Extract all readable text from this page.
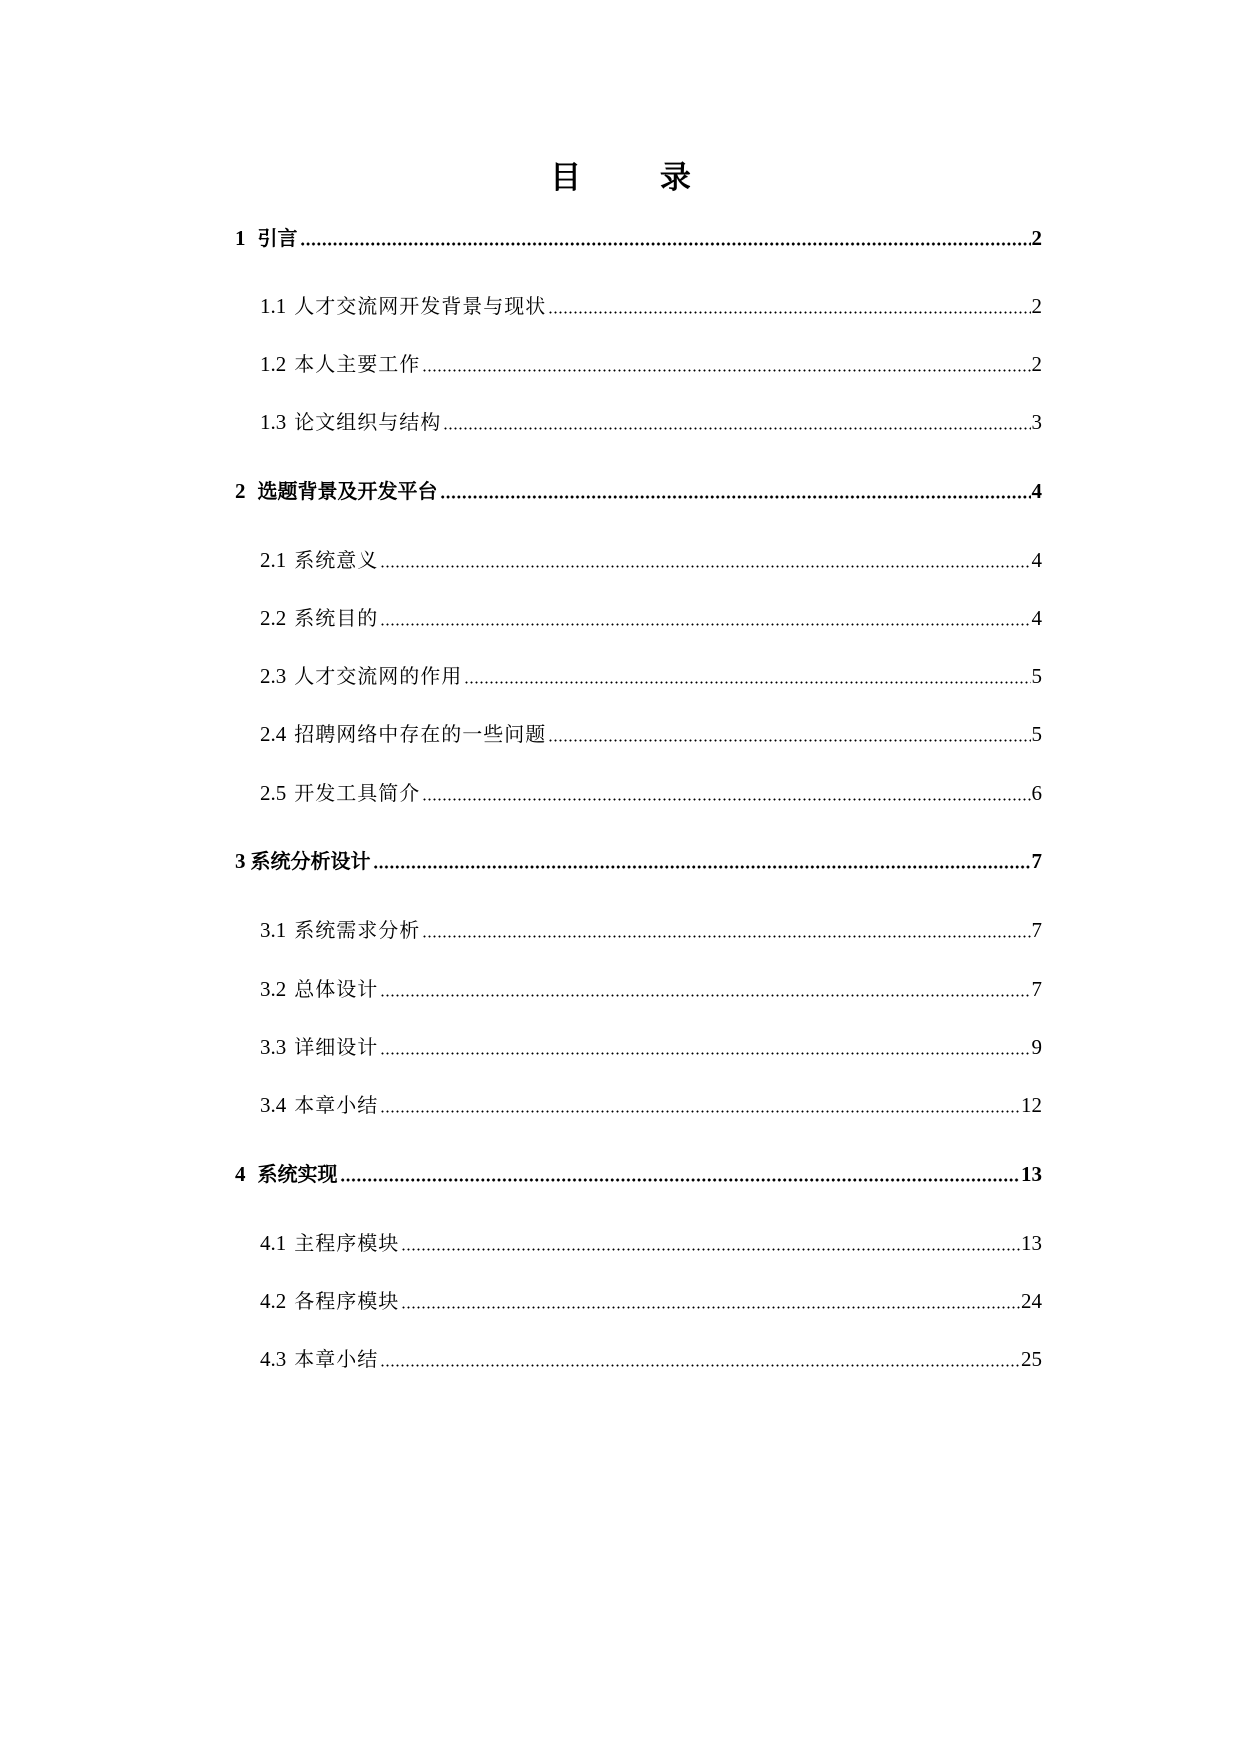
目 录
1 引言	2
1.1 人才交流网开发背景与现状	2
1.2 本人主要工作	2
1.3 论文组织与结构	3
2 选题背景及开发平台	4
2.1 系统意义	4
2.2 系统目的	4
2.3 人才交流网的作用	5
2.4 招聘网络中存在的一些问题	5
2.5 开发工具简介	6
3 系统分析设计	7
3.1 系统需求分析	7
3.2 总体设计	7
3.3 详细设计	9
3.4 本章小结	12
4 系统实现	13
4.1 主程序模块	13
4.2 各程序模块	24
4.3 本章小结	25
